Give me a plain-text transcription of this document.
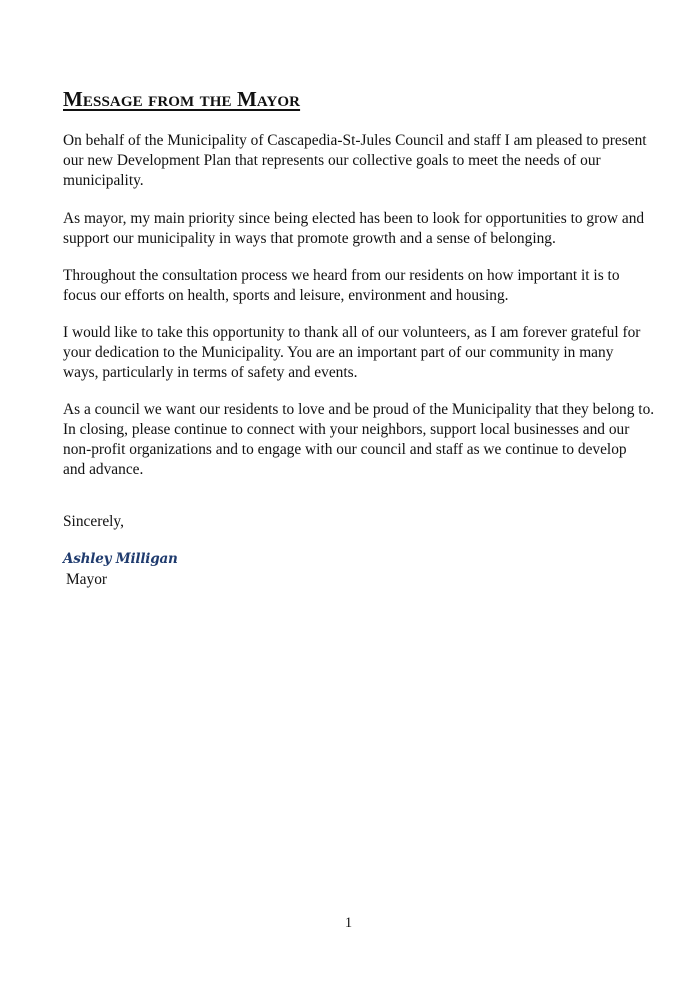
Message from the Mayor

On behalf of the Municipality of Cascapedia-St-Jules Council and staff I am pleased to present
our new Development Plan that represents our collective goals to meet the needs of our
municipality.

As mayor, my main priority since being elected has been to look for opportunities to grow and
support our municipality in ways that promote growth and a sense of belonging.

Throughout the consultation process we heard from our residents on how important it is to
focus our efforts on health, sports and leisure, environment and housing.

I would like to take this opportunity to thank all of our volunteers, as I am forever grateful for
your dedication to the Municipality. You are an important part of our community in many
ways, particularly in terms of safety and events.

As a council we want our residents to love and be proud of the Municipality that they belong to.
In closing, please continue to connect with your neighbors, support local businesses and our
non-profit organizations and to engage with our council and staff as we continue to develop
and advance.

Sincerely,

Ashley Milligan

Mayor

1
